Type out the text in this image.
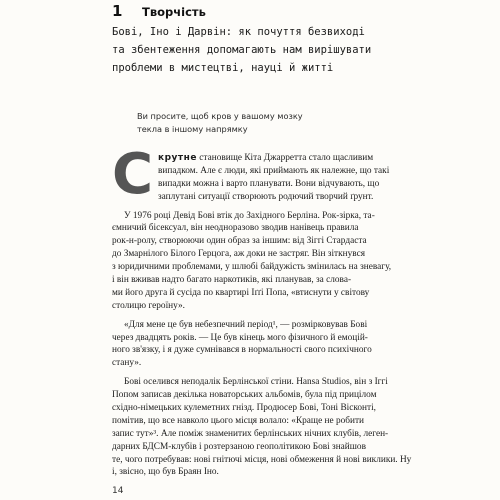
1	Творчість
Бові, Іно і Дарвін: як почуття безвиході
та збентеження допомагають нам вирішувати
проблеми в мистецтві, науці й житті
Ви просите, щоб кров у вашому мозку
текла в іншому напрямку
С крутне становище Кіта Джарретта стало щасливим
випадком. Але є люди, які приймають як належне, що такі
випадки можна і варто планувати. Вони відчувають, що
заплутані ситуації створюють родючий творчий ґрунт.
У 1976 році Девід Бові втік до Західного Берліна. Рок-зірка, та-
ємничий бісексуал, він неодноразово зводив нанівець правила
рок-н-ролу, створюючи один образ за іншим: від Зіггі Стардаста
до Змарнілого Білого Герцога, аж доки не застряг. Він зіткнувся
з юридичними проблемами, у шлюбі байдужість змінилась на зневагу,
і він вживав надто багато наркотиків, які планував, за слова-
ми його друга й сусіда по квартирі Іґґі Попа, «втиснути у світову
столицю героїну».
«Для мене це був небезпечний період¹, — розмірковував Бові
через двадцять років. — Це був кінець мого фізичного й емоцій-
ного зв'язку, і я дуже сумнівався в нормальності свого психічного
стану».
Бові оселився неподалік Берлінської стіни. Hansa Studios, він з Іггі
Попом записав декілька новаторських альбомів, була під прицілом
східно-німецьких кулеметних гнізд. Продюсер Бові, Тоні Вісконті,
помітив, що все навколо цього місця волало: «Краще не робити
запис тут»³. Але поміж знаменитих берлінських нічних клубів, леген-
дарних БДСМ-клубів і розтерзаною геополітикою Бові знайшов
те, чого потребував: нові гнітючі місця, нові обмеження й нові виклики. Ну
і, звісно, що був Браян Іно.
14
